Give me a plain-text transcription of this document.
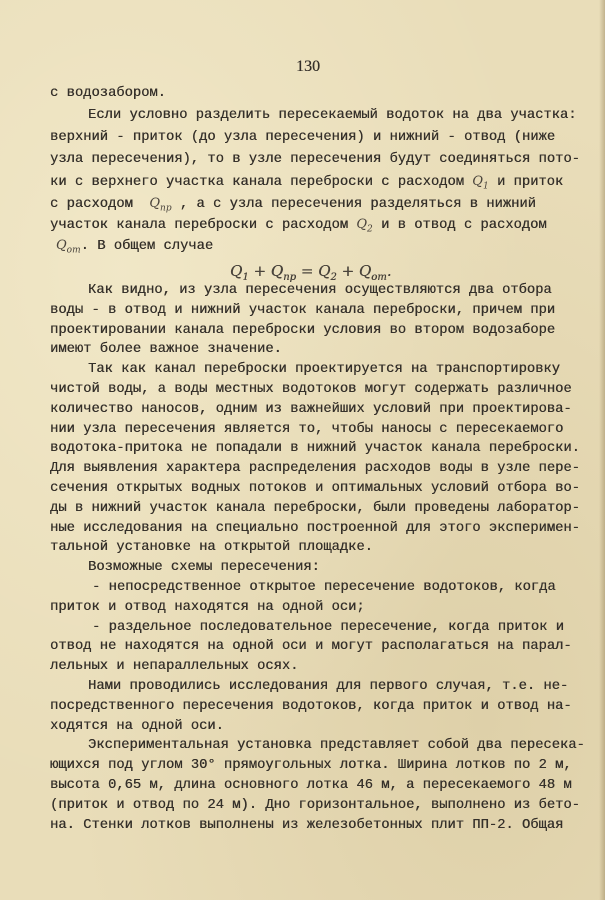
130
с водозабором.
Если условно разделить пересекаемый водоток на два участка:
верхний - приток (до узла пересечения) и нижний - отвод (ниже
узла пересечения), то в узле пересечения будут соединяться пото-
ки с верхнего участка канала переброски с расходом $Q_1$ и приток
с расходом  $Q_{пр}$ , а с узла пересечения разделяться в нижний
участок канала переброски с расходом $Q_2$ и в отвод с расходом
$Q_{от}$. В общем случае
$Q_1 + Q_{пр} = Q_2 + Q_{от}$.
Как видно, из узла пересечения осуществляются два отбора
воды - в отвод и нижний участок канала переброски, причем при
проектировании канала переброски условия во втором водозаборе
имеют более важное значение.
Так как канал переброски проектируется на транспортировку
чистой воды, а воды местных водотоков могут содержать различное
количество наносов, одним из важнейших условий при проектирова-
нии узла пересечения является то, чтобы наносы с пересекаемого
водотока-притока не попадали в нижний участок канала переброски.
Для выявления характера распределения расходов воды в узле пере-
сечения открытых водных потоков и оптимальных условий отбора во-
ды в нижний участок канала переброски, были проведены лаборатор-
ные исследования на специально построенной для этого эксперимен-
тальной установке на открытой площадке.
Возможные схемы пересечения:
- непосредственное открытое пересечение водотоков, когда
приток и отвод находятся на одной оси;
- раздельное последовательное пересечение, когда приток и
отвод не находятся на одной оси и могут располагаться на парал-
лельных и непараллельных осях.
Нами проводились исследования для первого случая, т.е. не-
посредственного пересечения водотоков, когда приток и отвод на-
ходятся на одной оси.
Экспериментальная установка представляет собой два пересека-
ющихся под углом 30° прямоугольных лотка. Ширина лотков по 2 м,
высота 0,65 м, длина основного лотка 46 м, а пересекаемого 48 м
(приток и отвод по 24 м). Дно горизонтальное, выполнено из бето-
на. Стенки лотков выполнены из железобетонных плит ПП-2. Общая
